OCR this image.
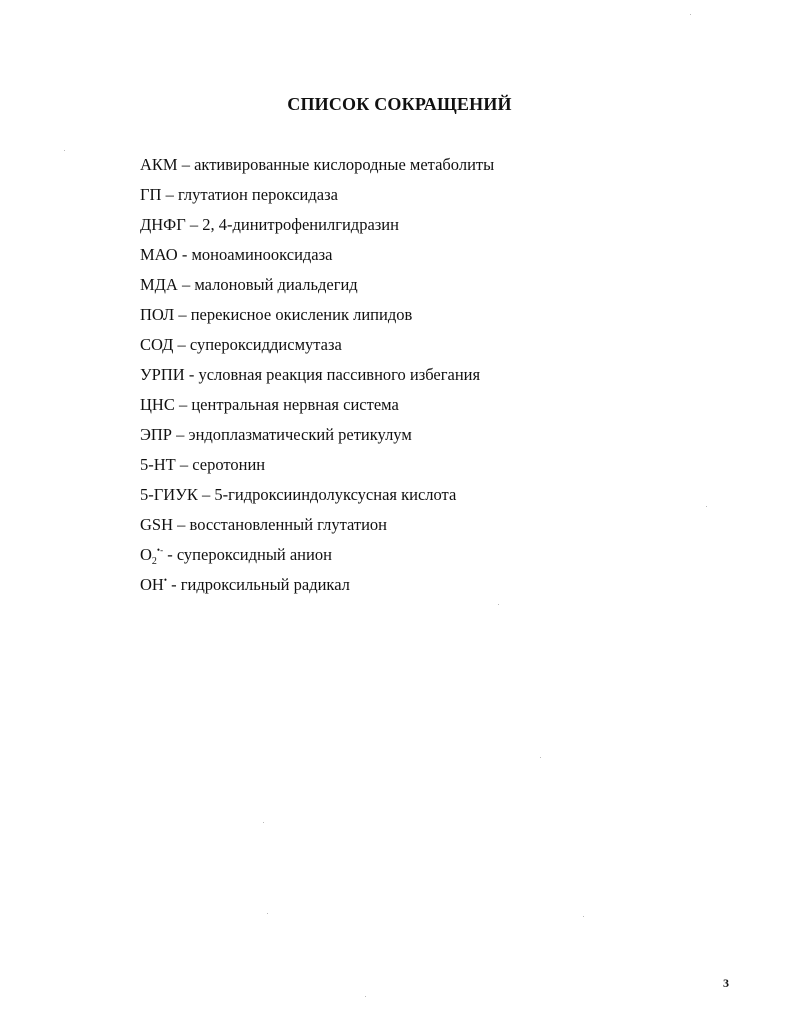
СПИСОК СОКРАЩЕНИЙ
АКМ – активированные кислородные метаболиты
ГП – глутатион пероксидаза
ДНФГ – 2, 4-динитрофенилгидразин
МАО - моноаминооксидаза
МДА – малоновый диальдегид
ПОЛ – перекисное окисленик липидов
СОД – супероксиддисмутаза
УРПИ - условная реакция пассивного избегания
ЦНС – центральная нервная система
ЭПР – эндоплазматический ретикулум
5-НТ – серотонин
5-ГИУК – 5-гидроксииндолуксусная кислота
GSH – восстановленный глутатион
$O_2^{•-}$ - супероксидный анион
OH• - гидроксильный радикал
3
